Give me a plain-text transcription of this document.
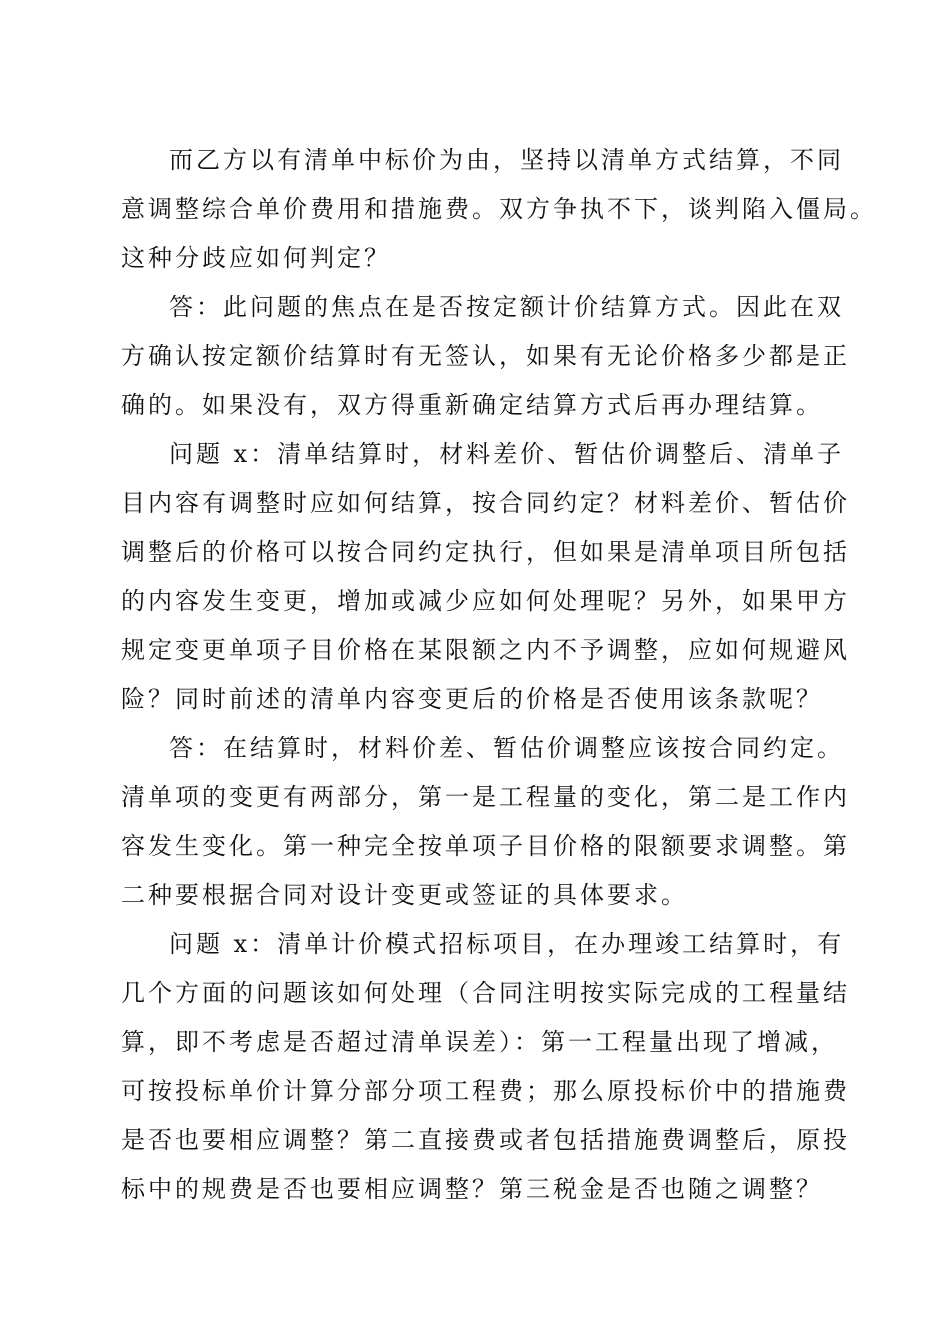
而乙方以有清单中标价为由，坚持以清单方式结算，不同
意调整综合单价费用和措施费。双方争执不下，谈判陷入僵局。
这种分歧应如何判定？

答：此问题的焦点在是否按定额计价结算方式。因此在双
方确认按定额价结算时有无签认，如果有无论价格多少都是正
确的。如果没有，双方得重新确定结算方式后再办理结算。

问题 x：清单结算时，材料差价、暂估价调整后、清单子
目内容有调整时应如何结算，按合同约定？材料差价、暂估价
调整后的价格可以按合同约定执行，但如果是清单项目所包括
的内容发生变更，增加或减少应如何处理呢？另外，如果甲方
规定变更单项子目价格在某限额之内不予调整，应如何规避风
险？同时前述的清单内容变更后的价格是否使用该条款呢？

答：在结算时，材料价差、暂估价调整应该按合同约定。
清单项的变更有两部分，第一是工程量的变化，第二是工作内
容发生变化。第一种完全按单项子目价格的限额要求调整。第
二种要根据合同对设计变更或签证的具体要求。

问题 x：清单计价模式招标项目，在办理竣工结算时，有
几个方面的问题该如何处理（合同注明按实际完成的工程量结
算，即不考虑是否超过清单误差）：第一工程量出现了增减，
可按投标单价计算分部分项工程费；那么原投标价中的措施费
是否也要相应调整？第二直接费或者包括措施费调整后，原投
标中的规费是否也要相应调整？第三税金是否也随之调整？
